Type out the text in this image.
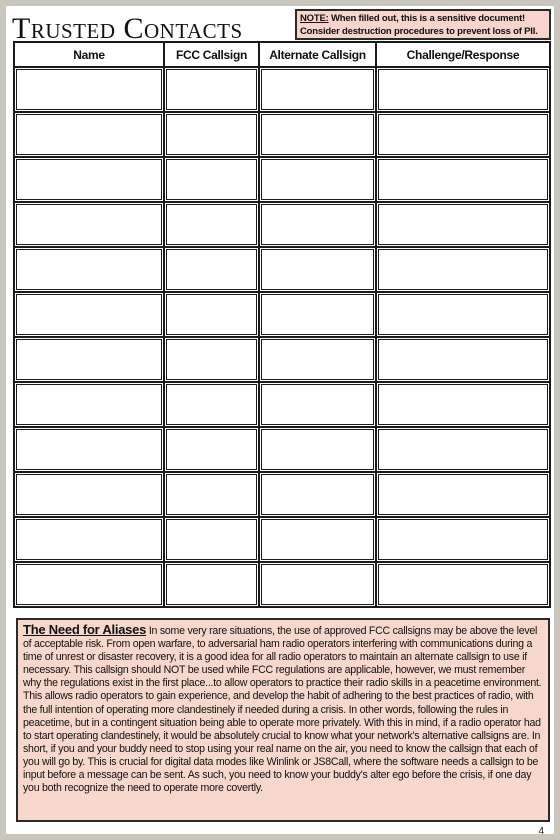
Trusted Contacts	NOTE: When filled out, this is a sensitive document!
Consider destruction procedures to prevent loss of PII.
Name	FCC Callsign	Alternate Callsign	Challenge/Response

The Need for Aliases In some very rare situations, the use of approved FCC callsigns may be above the level of acceptable risk. From open warfare, to adversarial ham radio operators interfering with communications during a time of unrest or disaster recovery, it is a good idea for all radio operators to maintain an alternate callsign to use if necessary. This callsign should NOT be used while FCC regulations are applicable, however, we must remember why the regulations exist in the first place...to allow operators to practice their radio skills in a peacetime environment. This allows radio operators to gain experience, and develop the habit of adhering to the best practices of radio, with the full intention of operating more clandestinely if needed during a crisis. In other words, following the rules in peacetime, but in a contingent situation being able to operate more privately. With this in mind, if a radio operator had to start operating clandestinely, it would be absolutely crucial to know what your network's alternative callsigns are. In short, if you and your buddy need to stop using your real name on the air, you need to know the callsign that each of you will go by. This is crucial for digital data modes like Winlink or JS8Call, where the software needs a callsign to be input before a message can be sent. As such, you need to know your buddy's alter ego before the crisis, if one day you both recognize the need to operate more covertly.
4
